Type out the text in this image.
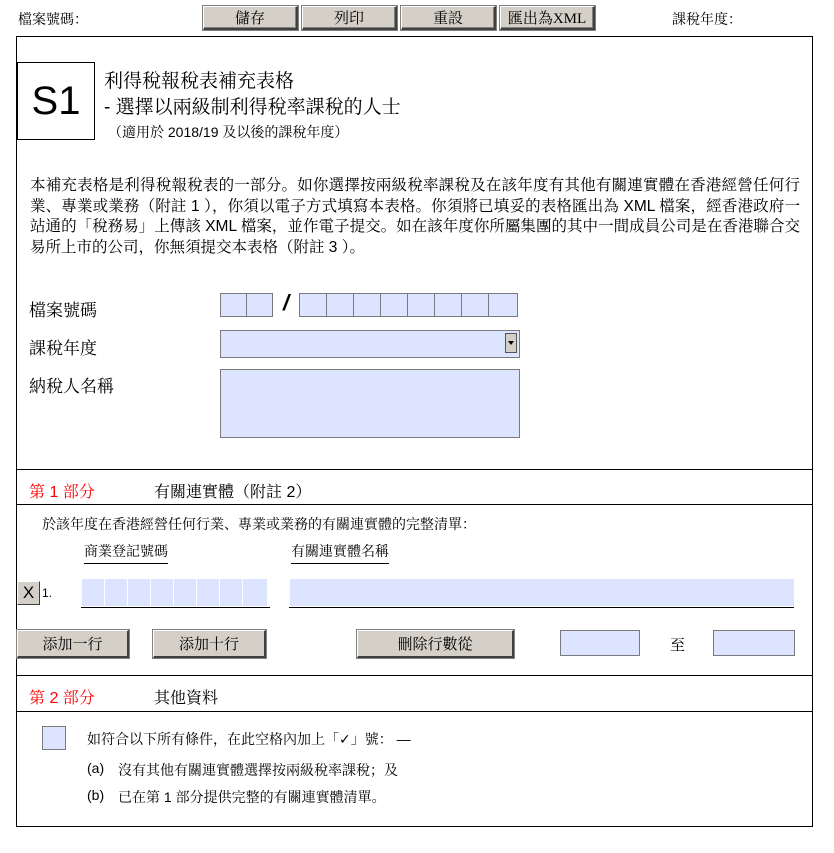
檔案號碼：	儲存	列印	重設	匯出為XML	課稅年度：
S1	利得稅報稅表補充表格
- 選擇以兩級制利得稅率課稅的人士
（適用於 2018/19 及以後的課稅年度）
本補充表格是利得稅報稅表的一部分。如你選擇按兩級稅率課稅及在該年度有其他有關連實體在香港經營任何行業、專業或業務（附註 1 ），你須以電子方式填寫本表格。你須將已填妥的表格匯出為 XML 檔案，經香港政府一站通的「稅務易」上傳該 XML 檔案，並作電子提交。如在該年度你所屬集團的其中一間成員公司是在香港聯合交易所上市的公司，你無須提交本表格（附註 3 ）。
檔案號碼	/
課稅年度
納稅人名稱
第 1 部分	有關連實體（附註 2）
於該年度在香港經營任何行業、專業或業務的有關連實體的完整清單：
商業登記號碼	有關連實體名稱
X 1.
添加一行	添加十行	刪除行數從	至
第 2 部分	其他資料
如符合以下所有條件，在此空格內加上「✓」號： —
(a) 沒有其他有關連實體選擇按兩級稅率課稅；及
(b) 已在第 1 部分提供完整的有關連實體清單。
